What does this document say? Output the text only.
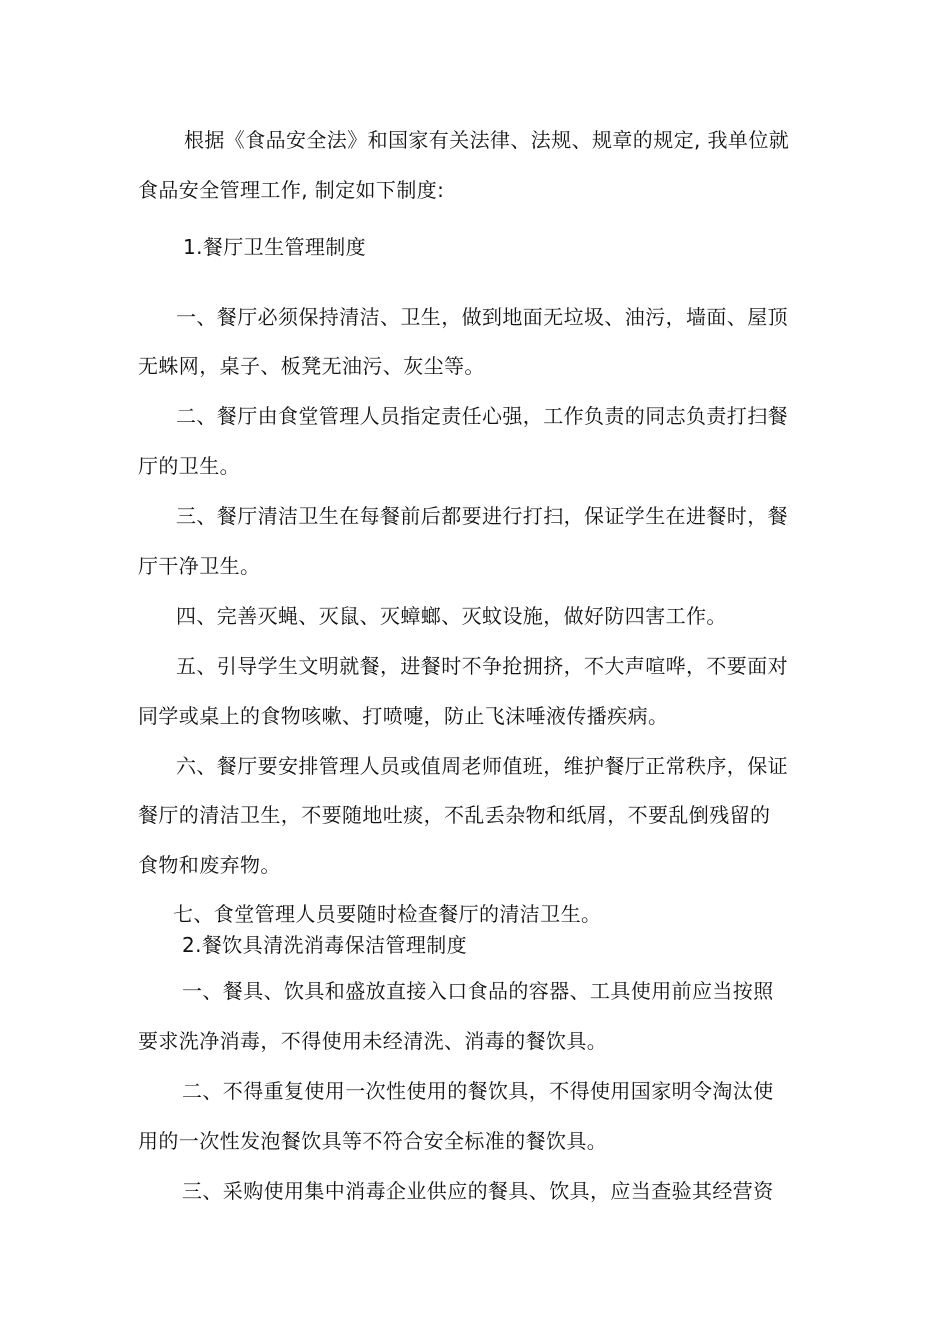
根据《食品安全法》和国家有关法律、法规、规章的规定, 我单位就
食品安全管理工作, 制定如下制度:
1.餐厅卫生管理制度
一、餐厅必须保持清洁、卫生，做到地面无垃圾、油污，墙面、屋顶
无蛛网，桌子、板凳无油污、灰尘等。
二、餐厅由食堂管理人员指定责任心强，工作负责的同志负责打扫餐
厅的卫生。
三、餐厅清洁卫生在每餐前后都要进行打扫，保证学生在进餐时，餐
厅干净卫生。
四、完善灭蝇、灭鼠、灭蟑螂、灭蚊设施，做好防四害工作。
五、引导学生文明就餐，进餐时不争抢拥挤，不大声喧哗，不要面对
同学或桌上的食物咳嗽、打喷嚏，防止飞沫唾液传播疾病。
六、餐厅要安排管理人员或值周老师值班，维护餐厅正常秩序，保证
餐厅的清洁卫生，不要随地吐痰，不乱丢杂物和纸屑，不要乱倒残留的
食物和废弃物。
七、食堂管理人员要随时检查餐厅的清洁卫生。
2.餐饮具清洗消毒保洁管理制度
一、餐具、饮具和盛放直接入口食品的容器、工具使用前应当按照
要求洗净消毒，不得使用未经清洗、消毒的餐饮具。
二、不得重复使用一次性使用的餐饮具，不得使用国家明令淘汰使
用的一次性发泡餐饮具等不符合安全标准的餐饮具。
三、采购使用集中消毒企业供应的餐具、饮具，应当查验其经营资
